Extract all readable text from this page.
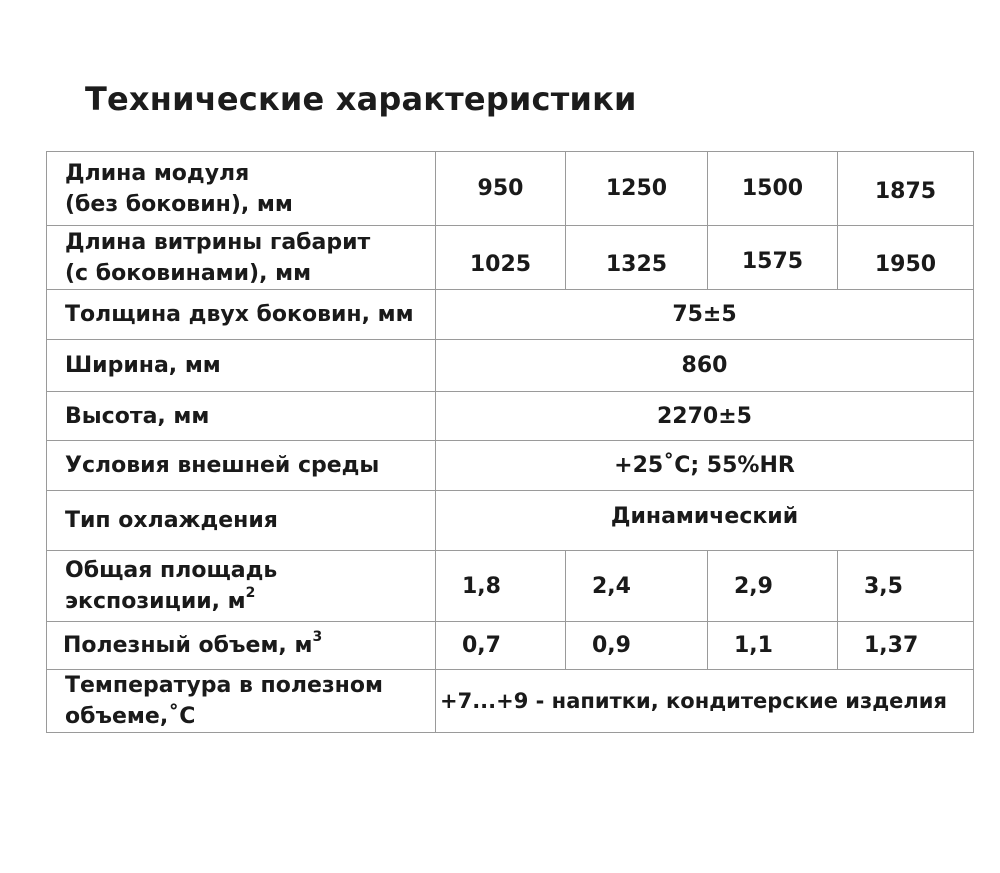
Технические характеристики
Длина модуля
(без боковин), мм	950	1250	1500	1875

Длина витрины габарит
(с боковинами), мм	1025	1325	1575	1950
Толщина двух боковин, мм	75±5			
Ширина, мм	860			
Высота, мм	2270±5			
Условия внешней среды	+25˚С; 55%HR			
Тип охлаждения	Динамический			

Общая площадь
экспозиции, $м^2$	1,8	2,4	2,9	3,5
Полезный объем, $м^3$	0,7	0,9	1,1	1,37

Температура в полезном
объеме,˚С	+7...+9 - напитки, кондитерские изделия			
